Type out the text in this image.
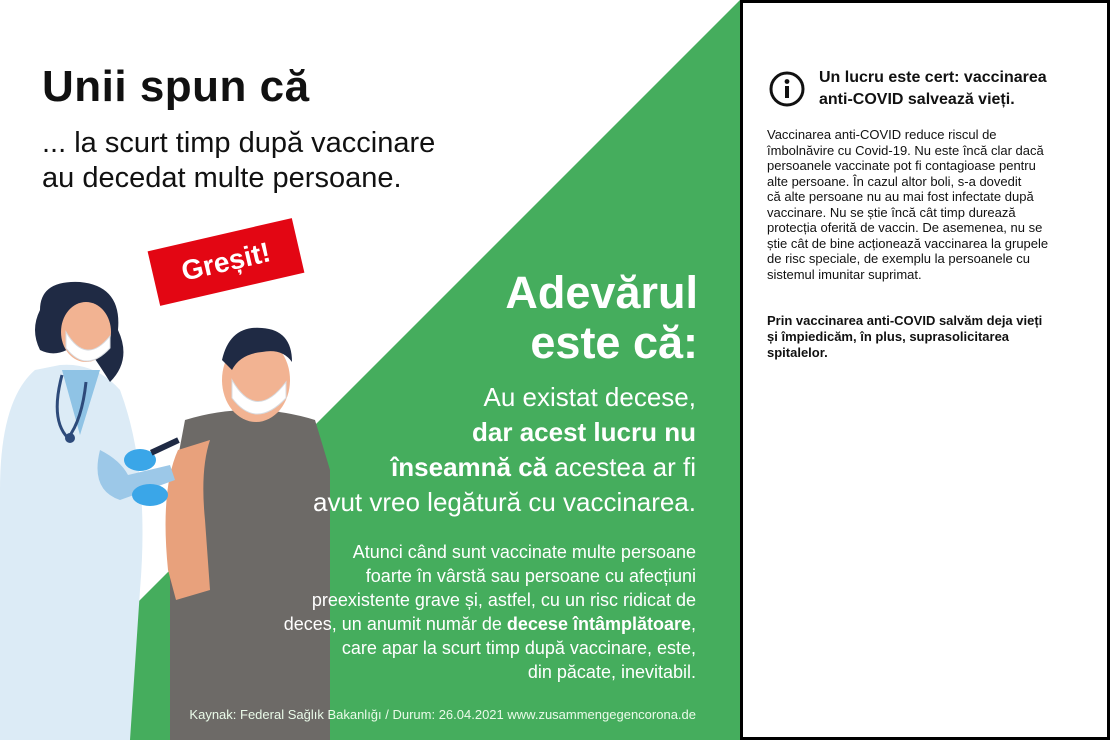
Unii spun că

... la scurt timp după vaccinare
au decedat multe persoane.

Greșit!
Adevărul
este că:
Au existat decese,
dar acest lucru nu
înseamnă că acestea ar fi
avut vreo legătură cu vaccinarea.
Atunci când sunt vaccinate multe persoane
foarte în vârstă sau persoane cu afecțiuni
preexistente grave și, astfel, cu un risc ridicat de
deces, un anumit număr de decese întâmplătoare,
care apar la scurt timp după vaccinare, este,
din păcate, inevitabil.
Kaynak: Federal Sağlık Bakanlığı / Durum: 26.04.2021 www.zusammengegencorona.de
Un lucru este cert: vaccinarea
anti-COVID salvează vieți.

Vaccinarea anti-COVID reduce riscul de
îmbolnăvire cu Covid-19. Nu este încă clar dacă
persoanele vaccinate pot fi contagioase pentru
alte persoane. În cazul altor boli, s-a dovedit
că alte persoane nu au mai fost infectate după
vaccinare. Nu se știe încă cât timp durează
protecția oferită de vaccin. De asemenea, nu se
știe cât de bine acționează vaccinarea la grupele
de risc speciale, de exemplu la persoanele cu
sistemul imunitar suprimat.

Prin vaccinarea anti-COVID salvăm deja vieți
și împiedicăm, în plus, suprasolicitarea
spitalelor.
